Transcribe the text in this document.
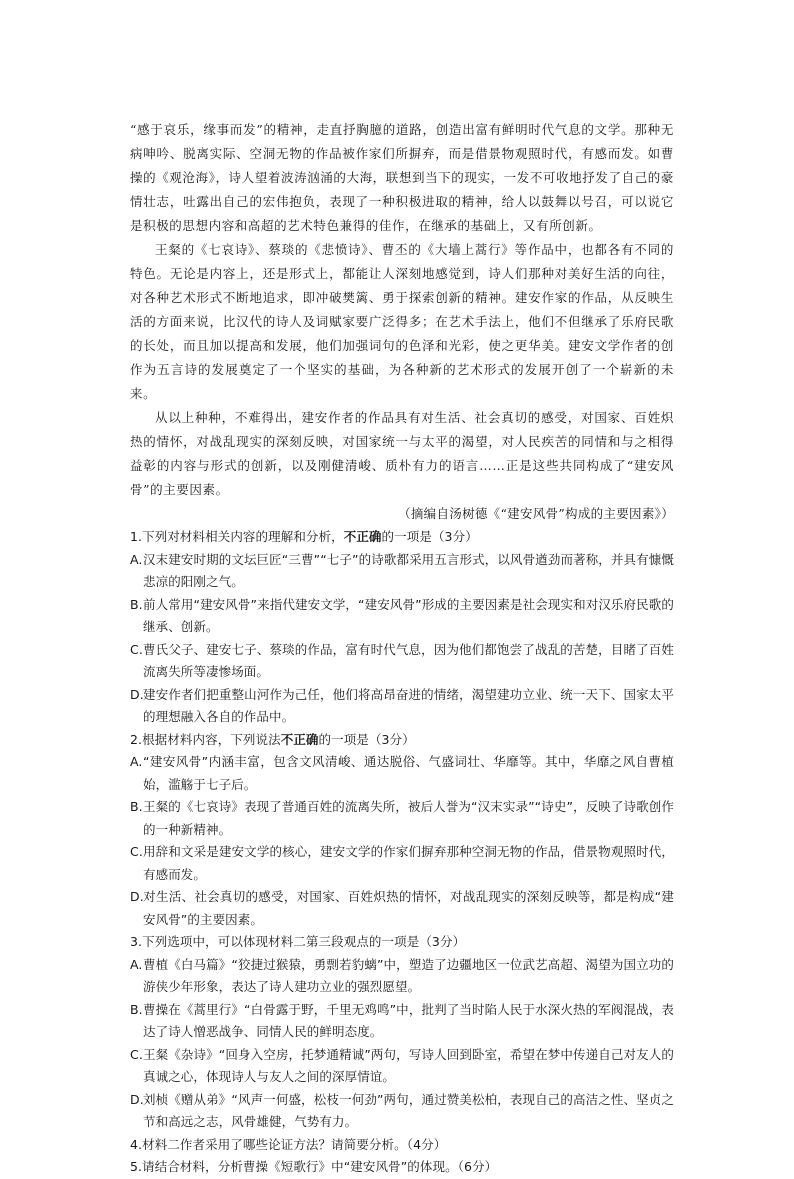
“感于哀乐，缘事而发”的精神，走直抒胸臆的道路，创造出富有鲜明时代气息的文学。那种无病呻吟、脱离实际、空洞无物的作品被作家们所摒弃，而是借景物观照时代，有感而发。如曹操的《观沧海》，诗人望着波涛汹涌的大海，联想到当下的现实，一发不可收地抒发了自己的豪情壮志，吐露出自己的宏伟抱负，表现了一种积极进取的精神，给人以鼓舞以号召，可以说它是积极的思想内容和高超的艺术特色兼得的佳作，在继承的基础上，又有所创新。

王粲的《七哀诗》、蔡琰的《悲愤诗》、曹丕的《大墙上蒿行》等作品中，也都各有不同的特色。无论是内容上，还是形式上，都能让人深刻地感觉到，诗人们那种对美好生活的向往，对各种艺术形式不断地追求，即冲破樊篱、勇于探索创新的精神。建安作家的作品，从反映生活的方面来说，比汉代的诗人及词赋家要广泛得多；在艺术手法上，他们不但继承了乐府民歌的长处，而且加以提高和发展，他们加强词句的色泽和光彩，使之更华美。建安文学作者的创作为五言诗的发展奠定了一个坚实的基础，为各种新的艺术形式的发展开创了一个崭新的未来。

从以上种种，不难得出，建安作者的作品具有对生活、社会真切的感受，对国家、百姓炽热的情怀，对战乱现实的深刻反映，对国家统一与太平的渴望，对人民疾苦的同情和与之相得益彰的内容与形式的创新，以及刚健清峻、质朴有力的语言……正是这些共同构成了“建安风骨”的主要因素。

（摘编自汤树德《“建安风骨”构成的主要因素》）

1.下列对材料相关内容的理解和分析，不正确的一项是（3分）

A.汉末建安时期的文坛巨匠“三曹”“七子”的诗歌都采用五言形式，以风骨遒劲而著称，并具有慷慨悲凉的阳刚之气。

B.前人常用“建安风骨”来指代建安文学，“建安风骨”形成的主要因素是社会现实和对汉乐府民歌的继承、创新。

C.曹氏父子、建安七子、蔡琰的作品，富有时代气息，因为他们都饱尝了战乱的苦楚，目睹了百姓流离失所等凄惨场面。

D.建安作者们把重整山河作为己任，他们将高昂奋进的情绪，渴望建功立业、统一天下、国家太平的理想融入各自的作品中。

2.根据材料内容，下列说法不正确的一项是（3分）

A.“建安风骨”内涵丰富，包含文风清峻、通达脱俗、气盛词壮、华靡等。其中，华靡之风自曹植始，滥觞于七子后。

B.王粲的《七哀诗》表现了普通百姓的流离失所，被后人誉为“汉末实录”“诗史”，反映了诗歌创作的一种新精神。

C.用辞和文采是建安文学的核心，建安文学的作家们摒弃那种空洞无物的作品，借景物观照时代，有感而发。

D.对生活、社会真切的感受，对国家、百姓炽热的情怀，对战乱现实的深刻反映等，都是构成“建安风骨”的主要因素。

3.下列选项中，可以体现材料二第三段观点的一项是（3分）

A.曹植《白马篇》“狡捷过猴猿，勇剽若豹螭”中，塑造了边疆地区一位武艺高超、渴望为国立功的游侠少年形象，表达了诗人建功立业的强烈愿望。

B.曹操在《蒿里行》“白骨露于野，千里无鸡鸣”中，批判了当时陷人民于水深火热的军阀混战，表达了诗人憎恶战争、同情人民的鲜明态度。

C.王粲《杂诗》“回身入空房，托梦通精诚”两句，写诗人回到卧室，希望在梦中传递自己对友人的真诚之心，体现诗人与友人之间的深厚情谊。

D.刘桢《赠从弟》“风声一何盛，松枝一何劲”两句，通过赞美松柏，表现自己的高洁之性、坚贞之节和高远之志，风骨雄健，气势有力。

4.材料二作者采用了哪些论证方法？请简要分析。（4分）

5.请结合材料，分析曹操《短歌行》中“建安风骨”的体现。（6分）
